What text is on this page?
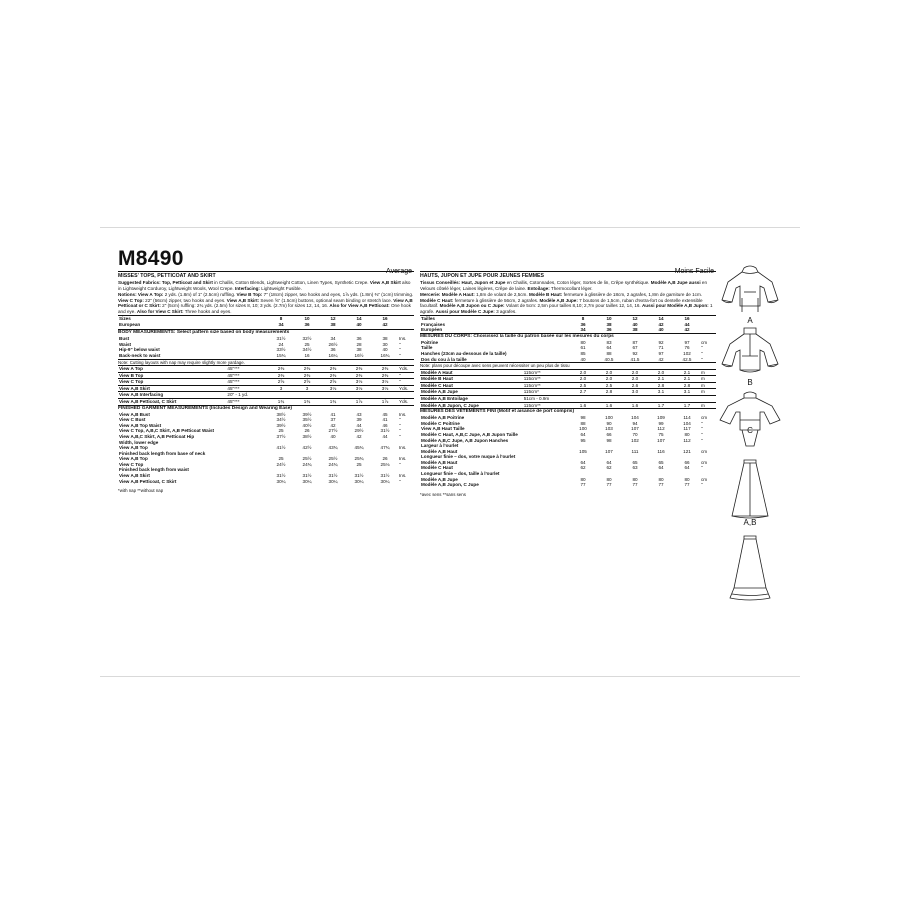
M8490
Average
MISSES' TOPS, PETTICOAT AND SKIRT
Suggested Fabrics: Top, Petticoat and Skirt in Challis, Cotton Blends, Lightweight Cotton, Linen Types, Synthetic Crepe. View A,B Skirt also in Lightweight Corduroy, Lightweight Wools, Wool Crepe. Interfacing: Lightweight Fusible.
Notions: View A Top: 2 yds. (1.8m) of 1" (2.5cm) ruffling. View B Top: 7" (18cm) zipper, two hooks and eyes, 1⅞ yds. (1.8m) ⅜" (1cm) trimming. View C Top: 22" (56cm) zipper, two hooks and eyes. View A,B Skirt: Seven ⅝" (1.5cm) buttons, optional seam binding or stretch lace. View A,B Petticoat or C Skirt: 2" (5cm) ruffling: 2¾ yds. (2.5m) for sizes 8, 10; 3 yds. (2.7m) for sizes 12, 14, 16. Also for View A,B Petticoat: One hook and eye. Also for View C Skirt: Three hooks and eyes.
Sizes	8	10	12	14	16	
European	34	36	38	40	42	
BODY MEASUREMENTS: Select pattern size based on body measurements
Bust	31½	32½	34	36	38	Ins.
Waist	24	25	26½	28	30	"
Hip-9" below waist	33½	34½	36	38	40	"
Back-neck to waist	15¾	16	16¼	16½	16¾	"
Note: Cutting layouts with nap may require slightly more yardage.
View A Top	45"***	2⅜	2⅜	2⅜	2⅜	2⅜	Yds.
View B Top	45"***	2⅜	2⅜	2⅜	2⅜	2⅜	"
View C Top	45"***	2⅝	2⅝	2⅝	3⅛	3⅛	"
View A,B Skirt	45"***	3	3	3⅛	3⅛	3⅛	Yds.
View A,B Interfacing	20" - 1 yd.						
View A,B Petticoat, C Skirt	45"***	1¾	1¾	1¾	1⅞	1⅞	Yds.
FINISHED GARMENT MEASUREMENTS (Includes Design and Wearing Ease)
View A,B Bust	38½	39½	41	43	45	Ins.
View C Bust	34½	35½	37	39	41	"
View A,B Top Waist	39½	40½	42	44	46	"
View C Top, A,B,C Skirt, A,B Petticoat Waist	25	26	27½	29½	31½	"
View A,B,C Skirt, A,B Petticoat Hip	37½	38½	40	42	44	"
Width, lower edge						
View A,B Top	41½	42½	43¾	45¾	47¾	Ins.
Finished back length from base of neck						
View A,B Top	25	25½	25½	25¾	26	Ins.
View C Top	24½	24¾	24¾	25	25⅛	"
Finished back length from waist						
View A,B Skirt	31½	31½	31½	31½	31½	Ins.
View A,B Petticoat, C Skirt	30¼	30¼	30¼	30¼	30¼	"
*with nap **without nap
Moins Facile
HAUTS, JUPON ET JUPE POUR JEUNES FEMMES
Tissus Conseillés: Haut, Jupon et Jupe en Challis, Cotonnades, Coton léger, Sortes de lin, Crêpe synthétique. Modèle A,B Jupe aussi en Velours côtelé léger, Laines légères, Crêpe de laine. Entoilage: Thermocollant léger.
Mercerie: Modèle A Haut: 1,8m de volant de 2,5cm. Modèle B Haut: fermeture à glissière de 18cm, 2 agrafes, 1,8m de garniture de 1cm. Modèle C Haut: fermeture à glissière de 56cm, 2 agrafes. Modèle A,B Jupe: 7 boutons de 1,5cm, ruban d'extra-fort ou dentelle extensible facultatif. Modèle A,B Jupon ou C Jupe: Volant de 5cm: 2,5m pour tailles 8,10; 2,7m pour tailles 12, 14, 16. Aussi pour Modèle A,B Jupon: 1 agrafe. Aussi pour Modèle C Jupe: 3 agrafes.
Tailles	8	10	12	14	16	
Françaises	36	38	40	42	44	
Européen	34	36	38	40	42	
MESURES DU CORPS: Choisissez la taille du patron basée sur les mesures du corps
Poitrine	80	83	87	92	97	cm
Taille	61	64	67	71	76	"
Hanches (23cm au-dessous de la taille)	85	88	92	97	102	"
Dos du cou à la taille	40	40.5	41.5	42	42.5	"
Note: plans pour découpe avec sens peuvent nécessiter un peu plus de tissu
Modèle A Haut	115cm**	2.0	2.0	2.0	2.0	2.1	m
Modèle B Haut	115cm**	2.0	2.0	2.0	2.1	2.1	m
Modèle C Haut	115cm**	2.5	2.5	2.6	2.8	2.8	m
Modèle A,B Jupe	115cm*	2.7	2.8	3.0	3.1	3.1	m
Modèle A,B Entoilage	51cm - 0.9m						
Modèle A,B Jupon, C Jupe	115cm**	1.6	1.6	1.6	1.7	1.7	m
MESURES DES VÊTEMENTS FINI (Motif et aisance de port compris)
Modèle A,B Poitrine	98	100	104	109	114	cm
Modèle C Poitrine	88	90	94	99	104	"
View A,B Haut Taille	100	103	107	112	117	"
Modèle C Haut, A,B,C Jupe, A,B Jupon Taille	64	66	70	75	80	"
Modèle A,B,C Jupe, A,B Jupon Hanches	95	98	102	107	112	"
Largeur à l'ourlet						
Modèle A,B Haut	105	107	111	116	121	cm
Longueur finie – dos, votre nuque à l'ourlet						
Modèle A,B Haut	64	64	65	65	66	cm
Modèle C Haut	62	62	63	64	64	"
Longueur finie – dos, taille à l'ourlet						
Modèle A,B Jupe	80	80	80	80	80	cm
Modèle A,B Jupon, C Jupe	77	77	77	77	77	"
*avec sens **sans sens
A
B
C
A,B
